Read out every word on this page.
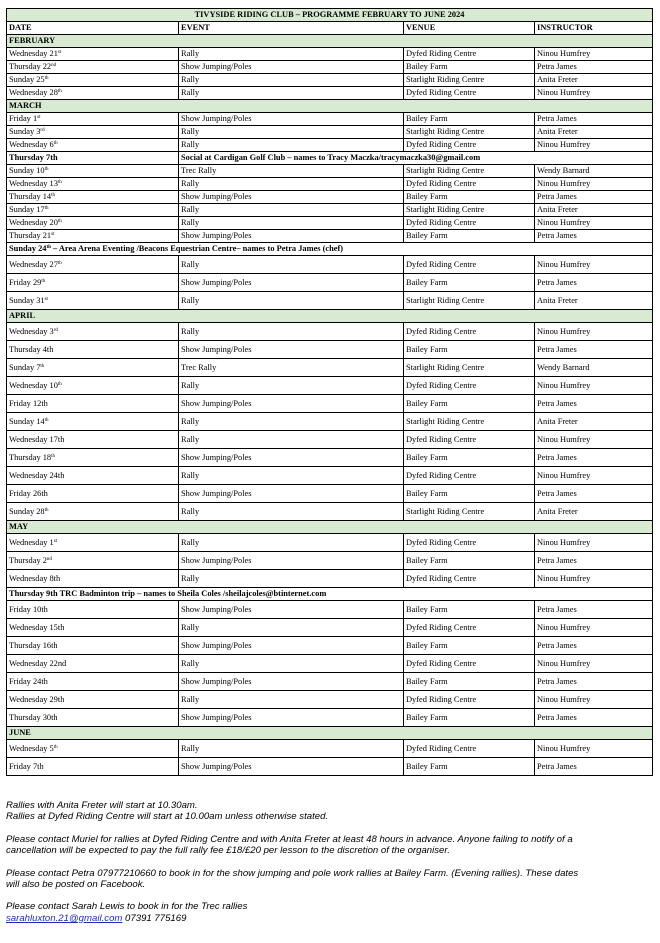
TIVYSIDE RIDING CLUB – PROGRAMME FEBRUARY TO JUNE 2024			
DATE	EVENT	VENUE	INSTRUCTOR
FEBRUARY			
Wednesday 21st	Rally	Dyfed Riding Centre	Ninou Humfrey
Thursday 22nd	Show Jumping/Poles	Bailey Farm	Petra James
Sunday 25th	Rally	Starlight Riding Centre	Anita Freter
Wednesday 28th	Rally	Dyfed Riding Centre	Ninou Humfrey
MARCH			
Friday 1st	Show Jumping/Poles	Bailey Farm	Petra James
Sunday 3rd	Rally	Starlight Riding Centre	Anita Freter
Wednesday 6th	Rally	Dyfed Riding Centre	Ninou Humfrey
Thursday 7th	Social at Cardigan Golf Club – names to Tracy Maczka/tracymaczka30@gmail.com		
Sunday 10th	Trec Rally	Starlight Riding Centre	Wendy Barnard
Wednesday 13th	Rally	Dyfed Riding Centre	Ninou Humfrey
Thursday 14th	Show Jumping/Poles	Bailey Farm	Petra James
Sunday 17th	Rally	Starlight Riding Centre	Anita Freter
Wednesday 20th	Rally	Dyfed Riding Centre	Ninou Humfrey
Thursday 21st	Show Jumping/Poles	Bailey Farm	Petra James
Sunday 24th – Area Arena Eventing /Beacons Equestrian Centre– names to Petra James (chef)			
Wednesday 27th	Rally	Dyfed Riding Centre	Ninou Humfrey
Friday 29th	Show Jumping/Poles	Bailey Farm	Petra James
Sunday 31st	Rally	Starlight Riding Centre	Anita Freter
APRIL			
Wednesday 3rd	Rally	Dyfed Riding Centre	Ninou Humfrey
Thursday 4th	Show Jumping/Poles	Bailey Farm	Petra James
Sunday 7th	Trec Rally	Starlight Riding Centre	Wendy Barnard
Wednesday 10th	Rally	Dyfed Riding Centre	Ninou Humfrey
Friday 12th	Show Jumping/Poles	Bailey Farm	Petra James
Sunday 14th	Rally	Starlight Riding Centre	Anita Freter
Wednesday 17th	Rally	Dyfed Riding Centre	Ninou Humfrey
Thursday 18th	Show Jumping/Poles	Bailey Farm	Petra James
Wednesday 24th	Rally	Dyfed Riding Centre	Ninou Humfrey
Friday 26th	Show Jumping/Poles	Bailey Farm	Petra James
Sunday 28th	Rally	Starlight Riding Centre	Anita Freter
MAY			
Wednesday 1st	Rally	Dyfed Riding Centre	Ninou Humfrey
Thursday 2nd	Show Jumping/Poles	Bailey Farm	Petra James
Wednesday 8th	Rally	Dyfed Riding Centre	Ninou Humfrey
Thursday 9th TRC Badminton trip – names to Sheila Coles /sheilajcoles@btinternet.com			
Friday 10th	Show Jumping/Poles	Bailey Farm	Petra James
Wednesday 15th	Rally	Dyfed Riding Centre	Ninou Humfrey
Thursday 16th	Show Jumping/Poles	Bailey Farm	Petra James
Wednesday 22nd	Rally	Dyfed Riding Centre	Ninou Humfrey
Friday 24th	Show Jumping/Poles	Bailey Farm	Petra James
Wednesday 29th	Rally	Dyfed Riding Centre	Ninou Humfrey
Thursday 30th	Show Jumping/Poles	Bailey Farm	Petra James
JUNE			
Wednesday 5th	Rally	Dyfed Riding Centre	Ninou Humfrey
Friday 7th	Show Jumping/Poles	Bailey Farm	Petra James

Rallies with Anita Freter will start at 10.30am.

Rallies at Dyfed Riding Centre will start at 10.00am unless otherwise stated.

Please contact Muriel for rallies at Dyfed Riding Centre and with Anita Freter at least 48 hours in advance. Anyone failing to notify of a

cancellation will be expected to pay the full rally fee £18/£20 per lesson to the discretion of the organiser.

Please contact Petra 07977210660 to book in for the show jumping and pole work rallies at Bailey Farm. (Evening rallies). These dates

will also be posted on Facebook.

Please contact Sarah Lewis to book in for the Trec rallies

sarahluxton.21@gmail.com 07391 775169
